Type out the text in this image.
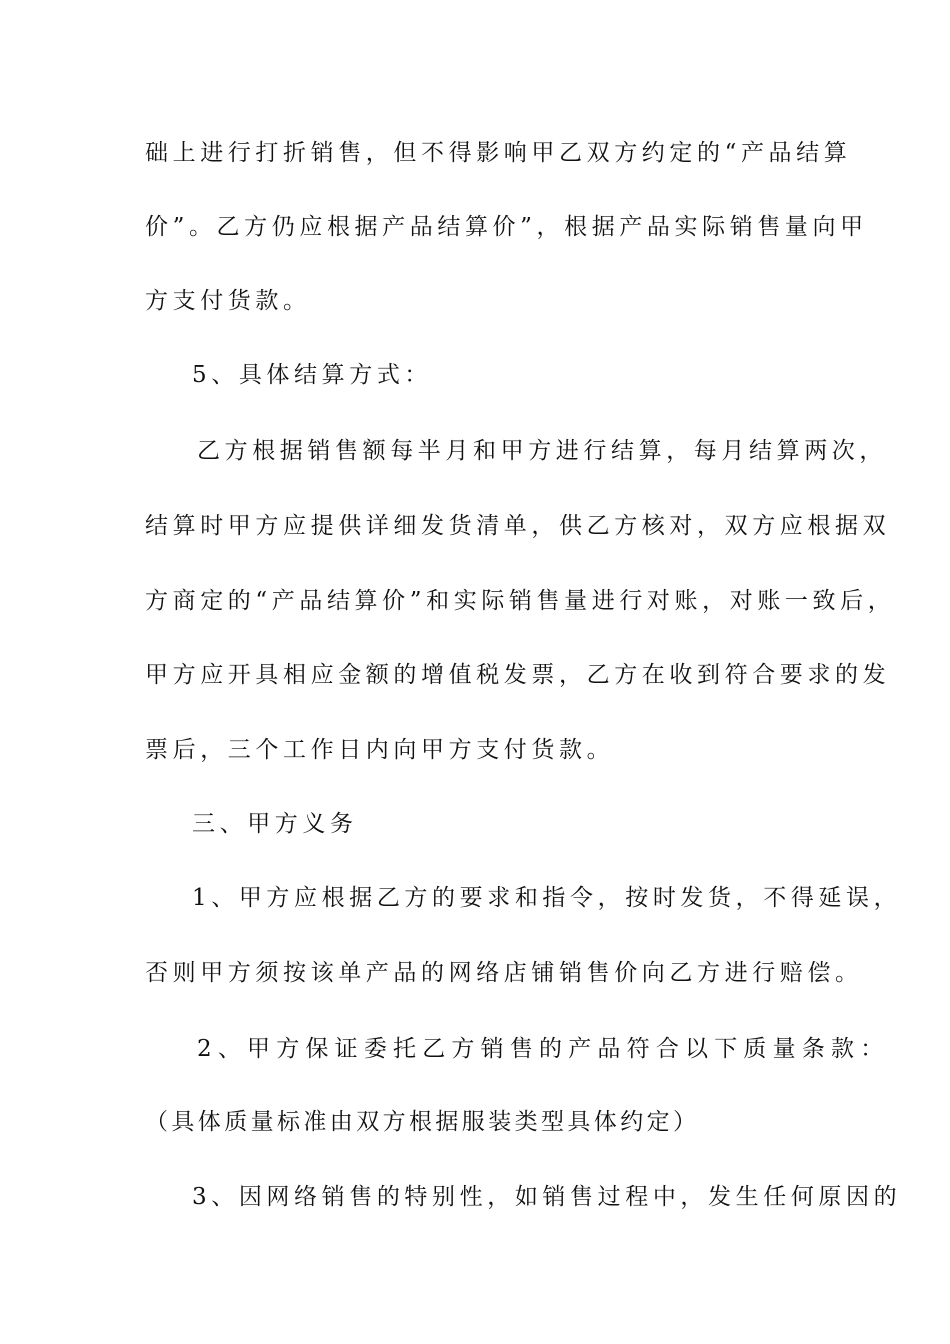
础上进行打折销售，但不得影响甲乙双方约定的“产品结算
价”。乙方仍应根据产品结算价”，根据产品实际销售量向甲
方支付货款。
5、具体结算方式：
乙方根据销售额每半月和甲方进行结算，每月结算两次，
结算时甲方应提供详细发货清单，供乙方核对，双方应根据双
方商定的“产品结算价”和实际销售量进行对账，对账一致后，
甲方应开具相应金额的增值税发票，乙方在收到符合要求的发
票后，三个工作日内向甲方支付货款。
三、甲方义务
1、甲方应根据乙方的要求和指令，按时发货，不得延误，
否则甲方须按该单产品的网络店铺销售价向乙方进行赔偿。
2、甲方保证委托乙方销售的产品符合以下质量条款：
（具体质量标准由双方根据服装类型具体约定）
3、因网络销售的特别性，如销售过程中，发生任何原因的
